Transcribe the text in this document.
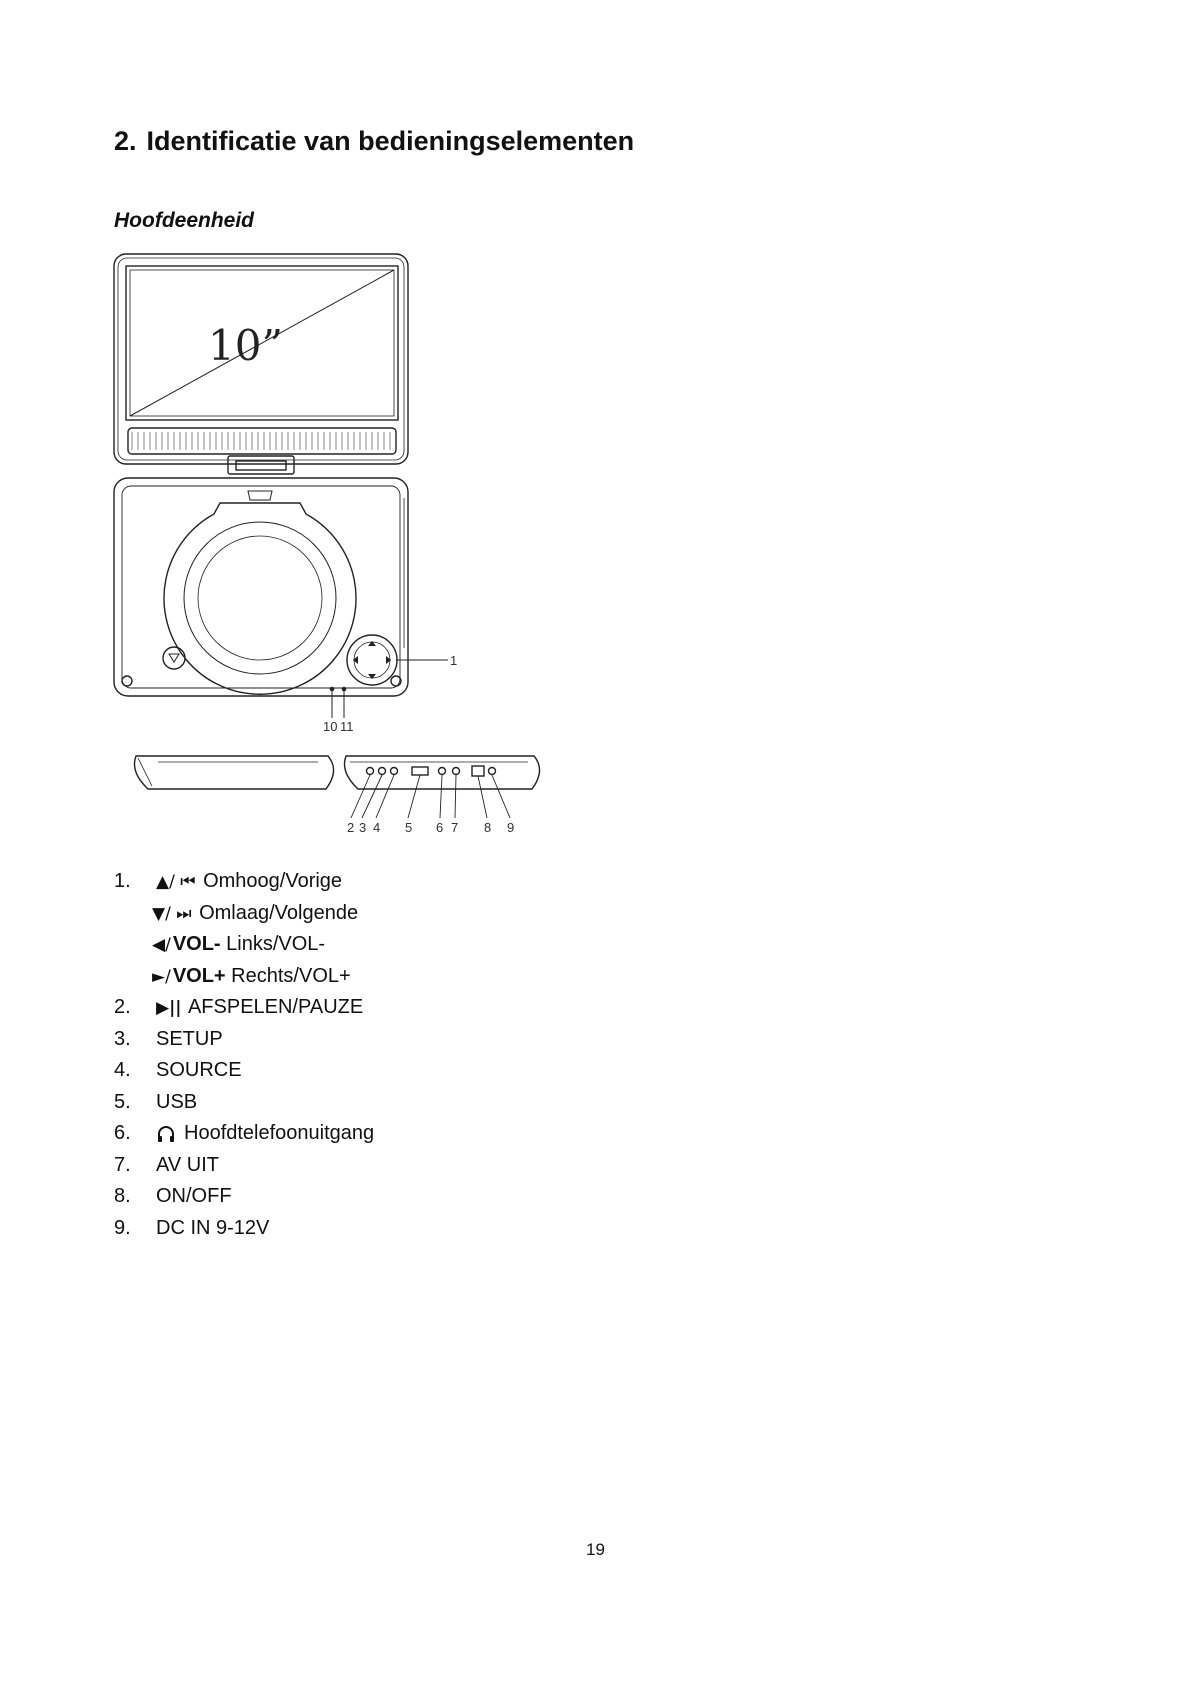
2. Identificatie van bedieningselementen
Hoofdeenheid
10”
1
10 11
2 3 4 5 6 7 8 9
1.	▲/ ⏮ Omhoog/Vorige
▼/ ⏭ Omlaag/Volgende
◀/ VOL- Links/VOL-
►/ VOL+ Rechts/VOL+
2.	▶|| AFSPELEN/PAUZE
3.	SETUP
4.	SOURCE
5.	USB
6.	Hoofdtelefoonuitgang
7.	AV UIT
8.	ON/OFF
9.	DC IN 9-12V
19
